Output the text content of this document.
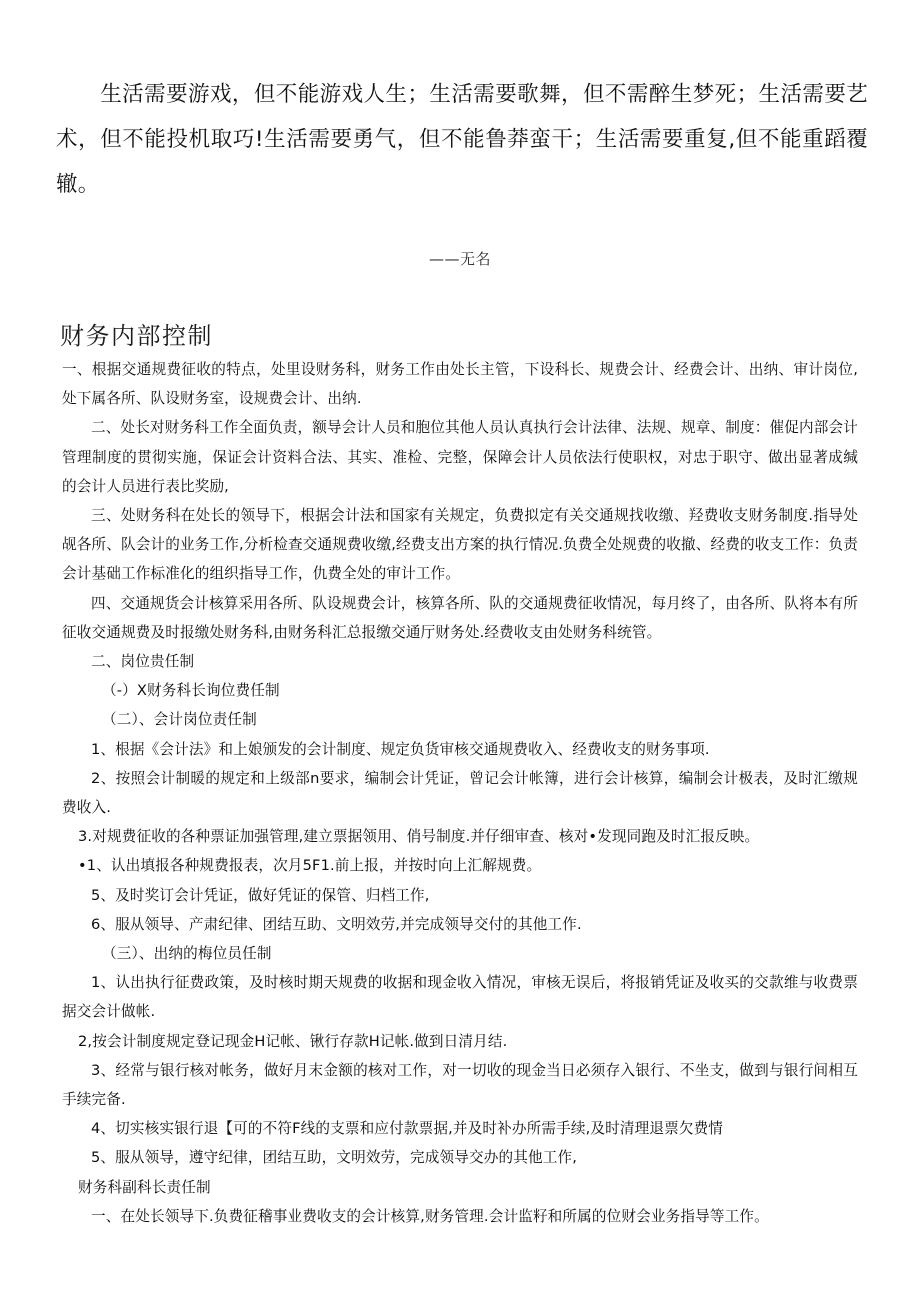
生活需要游戏，但不能游戏人生；生活需要歌舞，但不需醉生梦死；生活需要艺术，但不能投机取巧!生活需要勇气，但不能鲁莽蛮干；生活需要重复,但不能重蹈覆辙。
——无名
财务内部控制

一、根据交通规费征收的特点，处里设财务科，财务工作由处长主管，下设科长、规费会计、经费会计、出纳、审计岗位,处下属各所、队设财务室，设规费会计、出纳.

二、处长对财务科工作全面负责，额导会计人员和胞位其他人员认真执行会计法律、法规、规章、制度：催促内部会计管理制度的贯彻实施，保证会计资料合法、其实、准检、完整，保障会计人员依法行使职权，对忠于职守、做出显著成缄的会计人员进行表比奖励,

三、处财务科在处长的领导下，根据会计法和国家有关规定，负费拟定有关交通规找收缴、羟费收支财务制度.指导处觇各所、队会计的业务工作,分析检查交通规费收缴,经费支出方案的执行情况.负费全处规费的收撤、经费的收支工作：负责会计基础工作标准化的组织指导工作，仇费全处的审计工作。

四、交通规货会计核算采用各所、队设规费会计，核算各所、队的交通规费征收情况，每月终了，由各所、队将本有所征收交通规费及时报缴处财务科,由财务科汇总报缴交通厅财务处.经费收支由处财务科统管。

二、岗位贵任制

（-）X财务科长询位费任制

（二）、会计岗位责任制

1、根据《会计法》和上娘颁发的会计制度、规定负货审核交通规费收入、经费收支的财务事项.

2、按照会计制暖的规定和上级部n要求，编制会计凭证，曾记会计帐簿，进行会计核算，编制会计极表，及时汇缴规费收入.

3.对规费征收的各种票证加强管理,建立票据领用、俏号制度.并仔细审查、核对•发现同跑及时汇报反映。

•1、认出填报各种规费报表，次月5F1.前上报，并按时向上汇解规费。

5、及时奖订会计凭证，做好凭证的保管、归档工作,

6、服从领导、产肃纪律、团结互助、文明效劳,并完成领导交付的其他工作.

（三）、出纳的梅位员任制

1、认出执行征费政策，及时核时期天规费的收据和现金收入情况，审核无误后，将报销凭证及收买的交款维与收费票据交会计做帐.

2,按会计制度规定登记现金H记帐、锹行存款H记帐.做到日清月结.

3、经常与银行核对帐务，做好月末金额的核对工作，对一切收的现金当日必须存入银行、不坐支，做到与银行间相互手续完备.

4、切实核实银行退【可的不符F线的支票和应付款票据,并及时补办所需手续,及时清理退票欠费情

5、服从领导，遵守纪律，团结互助，文明效劳，完成领导交办的其他工作,

财务科副科长责任制

一、在处长领导下.负费征稽事业费收支的会计核算,财务管理.会计监籽和所属的位财会业务指导等工作。
